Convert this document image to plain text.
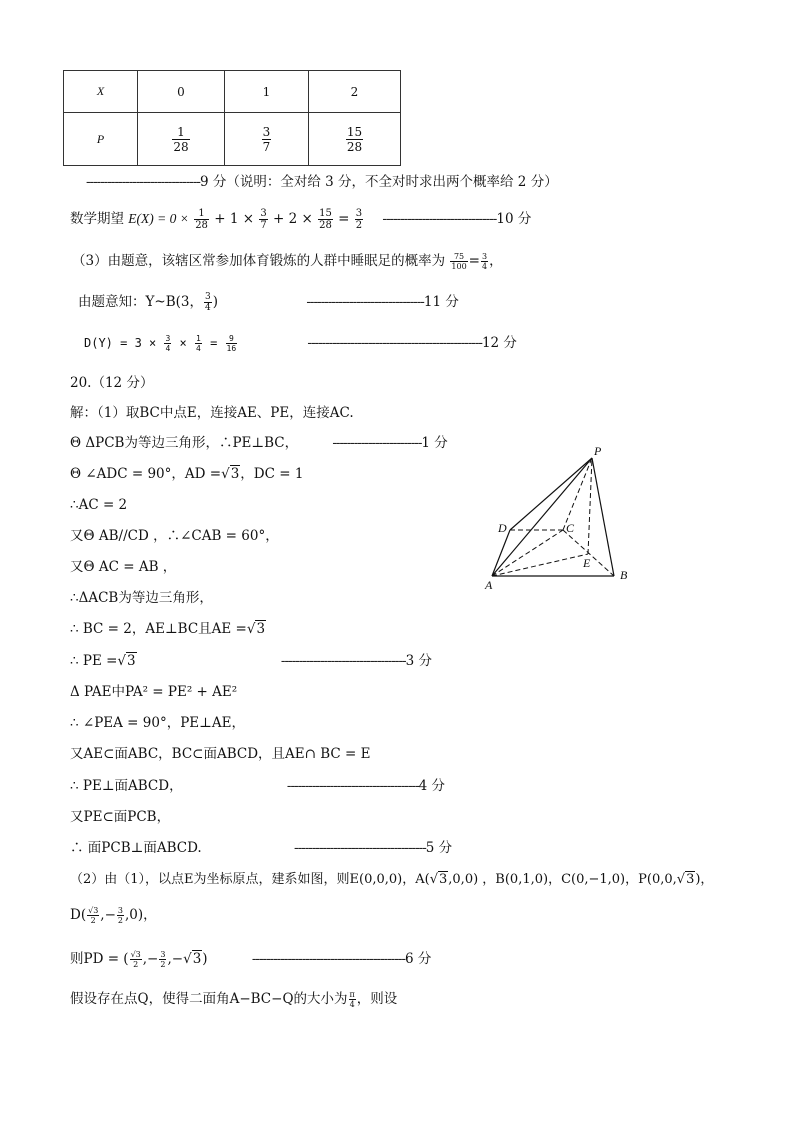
X	0	1	2
P	$\frac{1}{28}$	$\frac{3}{7}$	$\frac{15}{28}$
--------------------------------9 分（说明：全对给 3 分，不全对时求出两个概率给 2 分）
数学期望 $E(X) = 0 \times \frac{1}{28} + 1 \times \frac{3}{7} + 2 \times \frac{15}{28} = \frac{3}{2} --------------------------------10$ 分
（3）由题意，该辖区常参加体育锻炼的人群中睡眠足的概率为 $\frac{75}{100} = \frac{3}{4}$ ，
由题意知：Y~B(3， $\frac{3}{4}$ )	---------------------------------11 分
$D(Y) = 3 \times \frac{3}{4} \times \frac{1}{4} = \frac{9}{16}$	-------------------------------------------------12 分
20.（12 分）
解：（1）取BC中点E，连接AE、PE，连接AC.
Θ ΔPCB为等边三角形，∴PE⊥BC，	-------------------------1 分
Θ ∠ADC = 90°，AD =√3，DC = 1
∴AC = 2
又Θ AB//CD ，∴∠CAB = 60°，
又Θ AC = AB ，
∴ΔACB为等边三角形，
∴ BC = 2，AE⊥BC且AE =√3
∴ PE =√3	-----------------------------------3 分
Δ PAE中PA² = PE² + AE²
∴ ∠PEA = 90°，PE⊥AE，
又AE⊂面ABC，BC⊂面ABCD，且AE∩ BC = E
∴ PE⊥面ABCD，	-------------------------------------4 分
又PE⊂面PCB，
∴ 面PCB⊥面ABCD.	-------------------------------------5 分
（2）由（1），以点E为坐标原点，建系如图，则E(0,0,0)，A(√3,0,0) ，B(0,1,0)，C(0,−1,0)，P(0,0,√3)，
$D( \frac{√3}{2}$ ,− $\frac{3}{2} ,0$)，
则PD = ( $\frac{√3}{2}$ ,− $\frac{3}{2} ,-√3$)	-------------------------------------------6 分
假设存在点Q，使得二面角A−BC−Q的大小为 $\frac{\pi}{4}$ ，则设
P
D	C
E
A
B
